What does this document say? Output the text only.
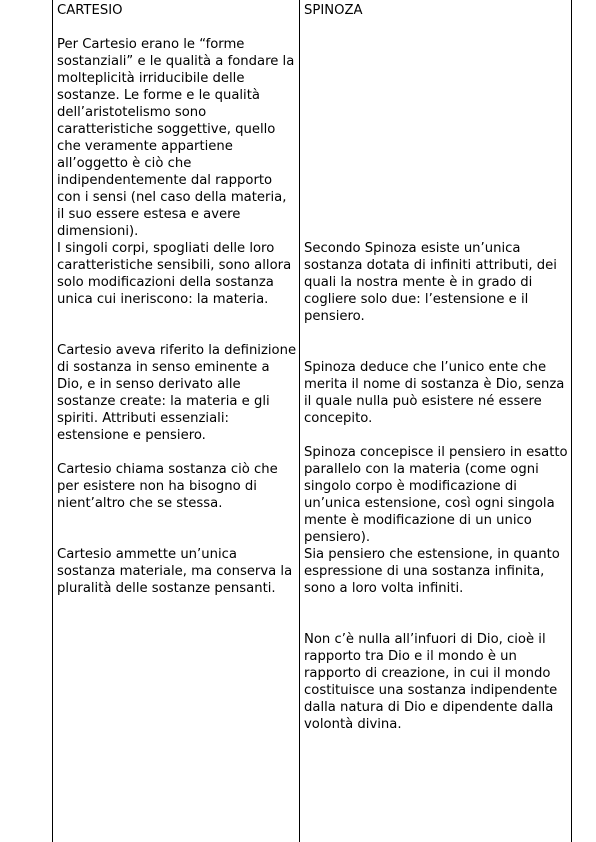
CARTESIO

Per Cartesio erano le “forme sostanziali” e le qualità a fondare la molteplicità irriducibile delle sostanze. Le forme e le qualità dell’aristotelismo sono caratteristiche soggettive, quello che veramente appartiene all’oggetto è ciò che indipendentemente dal rapporto con i sensi (nel caso della materia, il suo essere estesa e avere dimensioni).

I singoli corpi, spogliati delle loro caratteristiche sensibili, sono allora solo modificazioni della sostanza unica cui ineriscono: la materia.

Cartesio aveva riferito la definizione di sostanza in senso eminente a Dio, e in senso derivato alle sostanze create: la materia e gli spiriti. Attributi essenziali: estensione e pensiero.

Cartesio chiama sostanza ciò che per esistere non ha bisogno di nient’altro che se stessa.

Cartesio ammette un’unica sostanza materiale, ma conserva la pluralità delle sostanze pensanti.

SPINOZA

Secondo Spinoza esiste un’unica sostanza dotata di infiniti attributi, dei quali la nostra mente è in grado di cogliere solo due: l’estensione e il pensiero.

Spinoza deduce che l’unico ente che merita il nome di sostanza è Dio, senza il quale nulla può esistere né essere concepito.

Spinoza concepisce il pensiero in esatto parallelo con la materia (come ogni singolo corpo è modificazione di un’unica estensione, così ogni singola mente è modificazione di un unico pensiero).

Sia pensiero che estensione, in quanto espressione di una sostanza infinita, sono a loro volta infiniti.

Non c’è nulla all’infuori di Dio, cioè il rapporto tra Dio e il mondo è un rapporto di creazione, in cui il mondo costituisce una sostanza indipendente dalla natura di Dio e dipendente dalla volontà divina.
